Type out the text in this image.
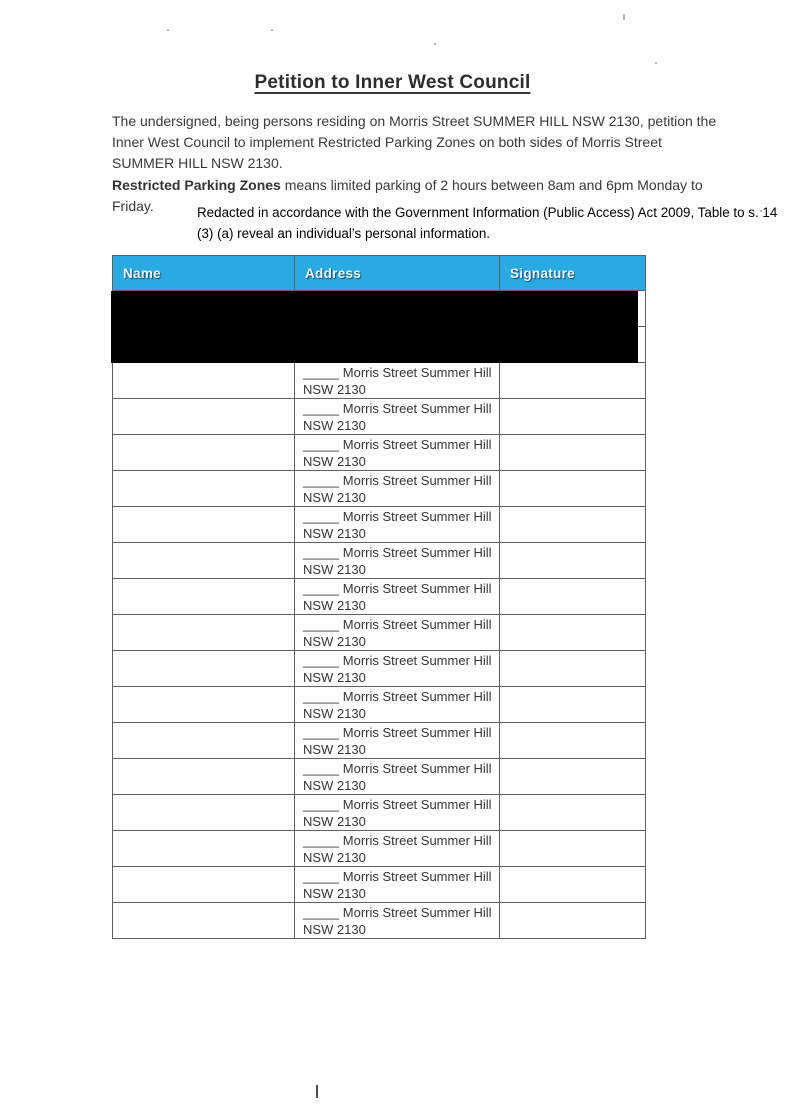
Petition to Inner West Council
The undersigned, being persons residing on Morris Street SUMMER HILL NSW 2130, petition the
Inner West Council to implement Restricted Parking Zones on both sides of Morris Street
SUMMER HILL NSW 2130.
Restricted Parking Zones means limited parking of 2 hours between 8am and 6pm Monday to
Friday.	Redacted in accordance with the Government Information (Public Access) Act 2009, Table to s. 14
(3) (a) reveal an individual’s personal information.
Name	Address	Signature

	_____ Morris Street Summer Hill
NSW 2130	

	_____ Morris Street Summer Hill
NSW 2130	

	_____ Morris Street Summer Hill
NSW 2130	

	_____ Morris Street Summer Hill
NSW 2130	

	_____ Morris Street Summer Hill
NSW 2130	

	_____ Morris Street Summer Hill
NSW 2130	

	_____ Morris Street Summer Hill
NSW 2130	

	_____ Morris Street Summer Hill
NSW 2130	

	_____ Morris Street Summer Hill
NSW 2130	

	_____ Morris Street Summer Hill
NSW 2130	

	_____ Morris Street Summer Hill
NSW 2130	

	_____ Morris Street Summer Hill
NSW 2130	

	_____ Morris Street Summer Hill
NSW 2130	

	_____ Morris Street Summer Hill
NSW 2130	

	_____ Morris Street Summer Hill
NSW 2130	

	_____ Morris Street Summer Hill
NSW 2130	
